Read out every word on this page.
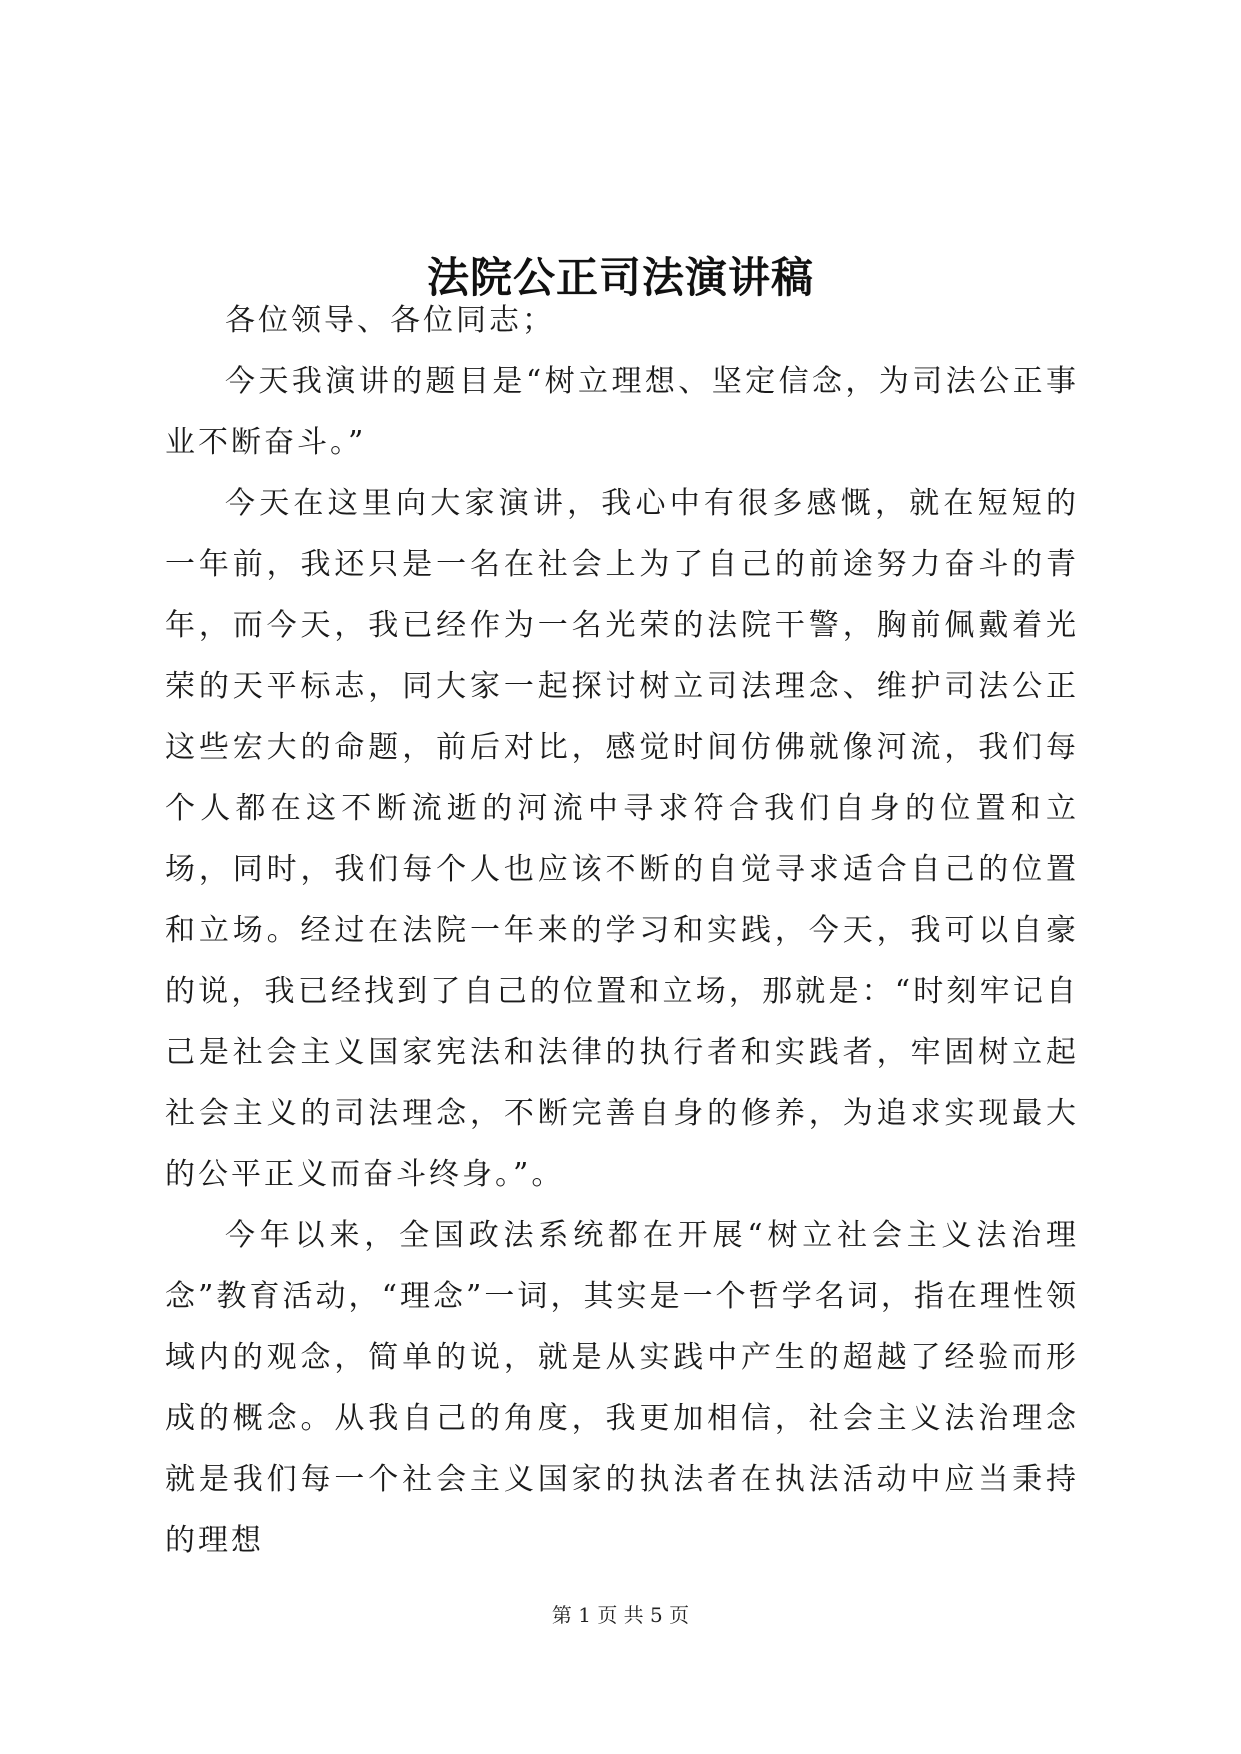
法院公正司法演讲稿

各位领导、各位同志；

今天我演讲的题目是“树立理想、坚定信念，为司法公正事业不断奋斗。”

今天在这里向大家演讲，我心中有很多感慨，就在短短的一年前，我还只是一名在社会上为了自己的前途努力奋斗的青年，而今天，我已经作为一名光荣的法院干警，胸前佩戴着光荣的天平标志，同大家一起探讨树立司法理念、维护司法公正这些宏大的命题，前后对比，感觉时间仿佛就像河流，我们每个人都在这不断流逝的河流中寻求符合我们自身的位置和立场，同时，我们每个人也应该不断的自觉寻求适合自己的位置和立场。经过在法院一年来的学习和实践，今天，我可以自豪的说，我已经找到了自己的位置和立场，那就是：“时刻牢记自己是社会主义国家宪法和法律的执行者和实践者，牢固树立起社会主义的司法理念，不断完善自身的修养，为追求实现最大的公平正义而奋斗终身。”。

今年以来，全国政法系统都在开展“树立社会主义法治理念”教育活动，“理念”一词，其实是一个哲学名词，指在理性领域内的观念，简单的说，就是从实践中产生的超越了经验而形成的概念。从我自己的角度，我更加相信，社会主义法治理念就是我们每一个社会主义国家的执法者在执法活动中应当秉持的理想

第 1 页 共 5 页
